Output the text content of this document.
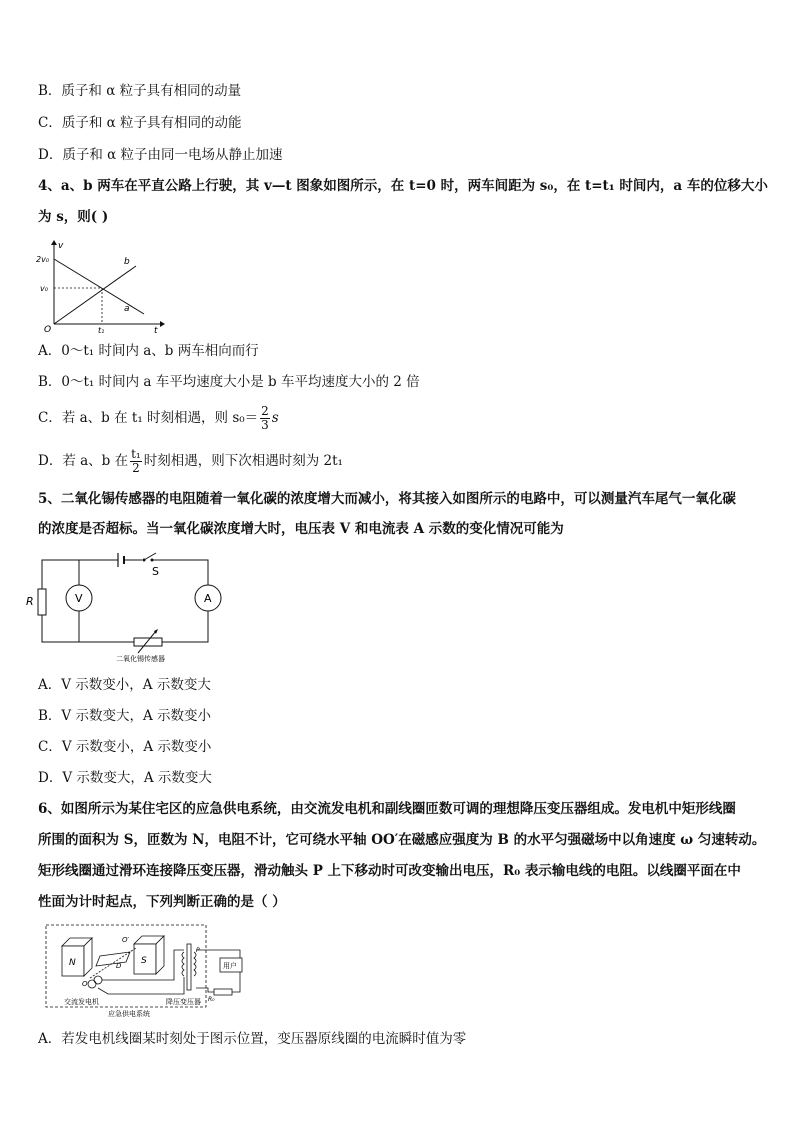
B．质子和 α 粒子具有相同的动量
C．质子和 α 粒子具有相同的动能
D．质子和 α 粒子由同一电场从静止加速
4、a、b 两车在平直公路上行驶，其 v—t 图象如图所示，在 t=0 时，两车间距为 s₀，在 t=t₁ 时间内，a 车的位移大小
为 s，则( )
v
t
O
2v₀
v₀
t₁
b
a
A．0～t₁ 时间内 a、b 两车相向而行
B．0～t₁ 时间内 a 车平均速度大小是 b 车平均速度大小的 2 倍
C．若 a、b 在 t₁ 时刻相遇，则 $s_0= \frac{2}{3}$ s
D．若 a、b 在 $\frac{\text{t₁}}{2}$ 时刻相遇，则下次相遇时刻为 2t₁
5、二氧化锡传感器的电阻随着一氧化碳的浓度增大而减小，将其接入如图所示的电路中，可以测量汽车尾气一氧化碳
的浓度是否超标。当一氧化碳浓度增大时，电压表 V 和电流表 A 示数的变化情况可能为
S
R	V	A
二氧化锡传感器
A．V 示数变小，A 示数变大
B．V 示数变大，A 示数变小
C．V 示数变小，A 示数变小
D．V 示数变大，A 示数变大
6、如图所示为某住宅区的应急供电系统，由交流发电机和副线圈匝数可调的理想降压变压器组成。发电机中矩形线圈
所围的面积为 S，匝数为 N，电阻不计，它可绕水平轴 OO′在磁感应强度为 B 的水平匀强磁场中以角速度 ω 匀速转动。
矩形线圈通过滑环连接降压变压器，滑动触头 P 上下移动时可改变输出电压，R₀ 表示输电线的电阻。以线圈平面在中
性面为计时起点，下列判断正确的是（ ）
N	S
D
O′
O
P
R₀
用户
交流发电机	降压变压器
应急供电系统
A．若发电机线圈某时刻处于图示位置，变压器原线圈的电流瞬时值为零
